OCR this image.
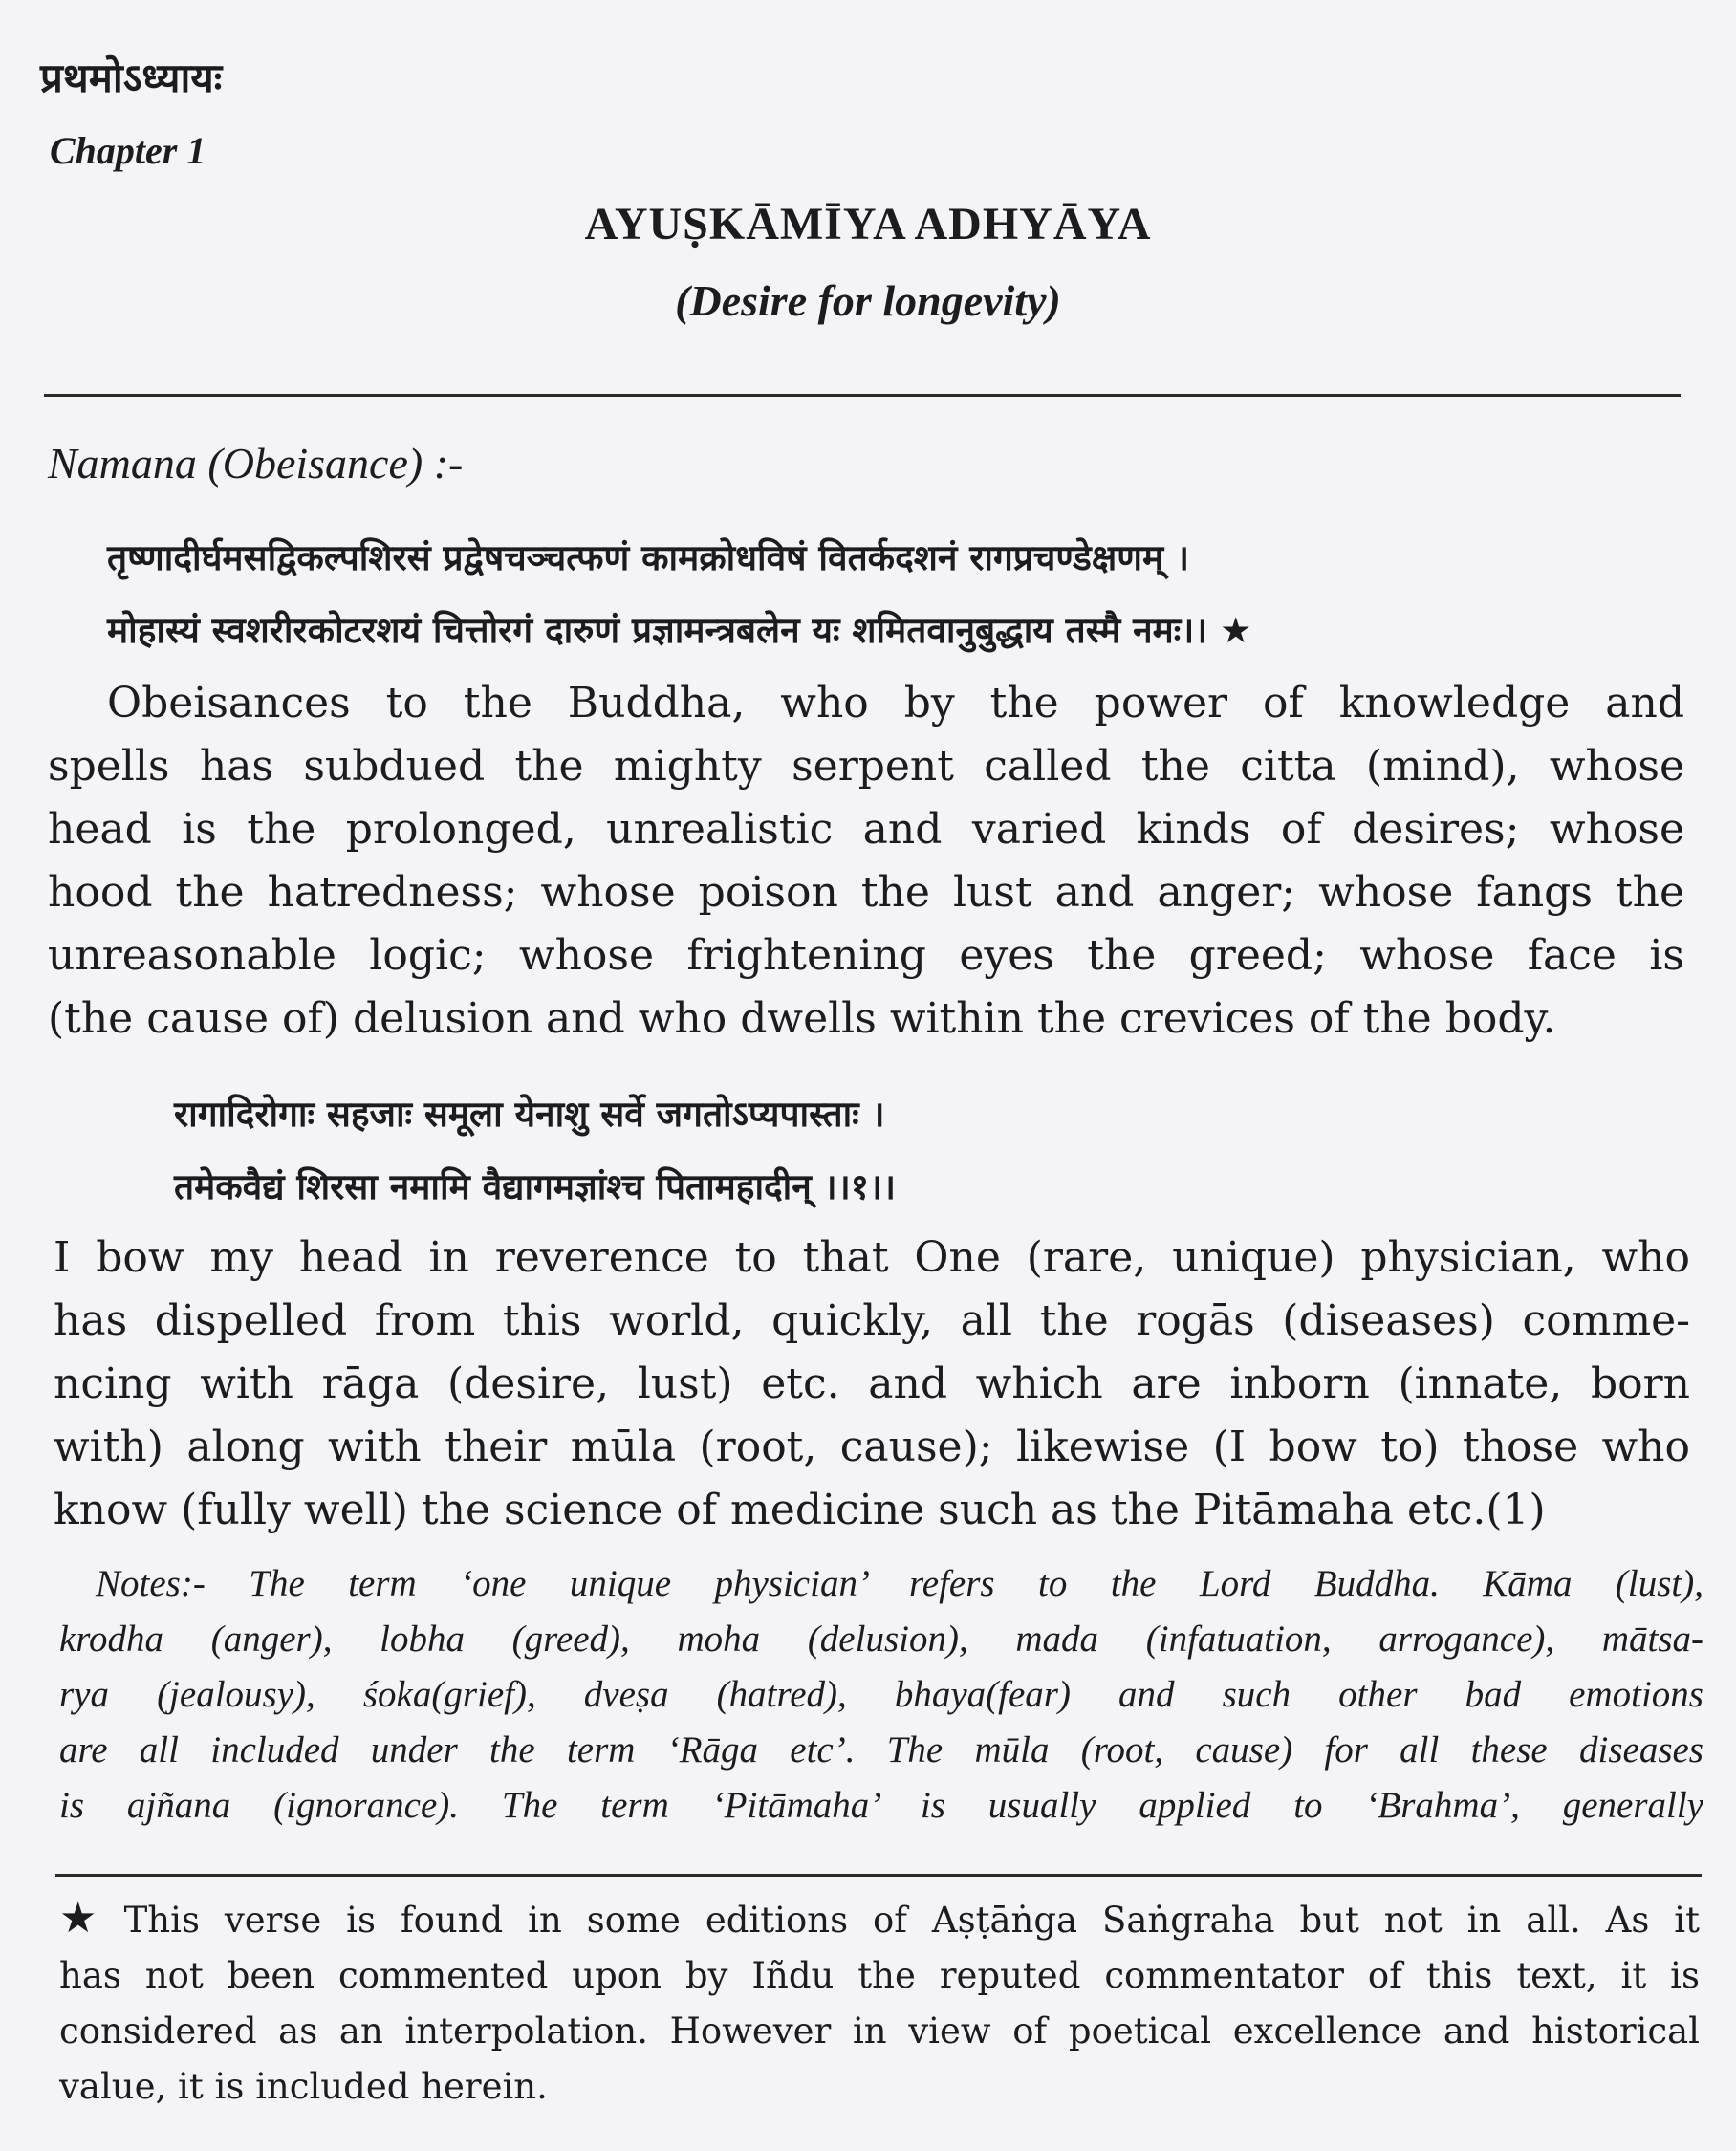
प्रथमोऽध्यायः
Chapter 1
AYUṢKĀMĪYA ADHYĀYA
(Desire for longevity)
Namana (Obeisance) :-
तृष्णादीर्घमसद्विकल्पशिरसं प्रद्वेषचञ्चत्फणं कामक्रोधविषं वितर्कदशनं रागप्रचण्डेक्षणम् ।
मोहास्यं स्वशरीरकोटरशयं चित्तोरगं दारुणं प्रज्ञामन्त्रबलेन यः शमितवानुबुद्धाय तस्मै नमः।। ★
Obeisances to the Buddha, who by the power of knowledge and
spells has subdued the mighty serpent called the citta (mind), whose
head is the prolonged, unrealistic and varied kinds of desires; whose
hood the hatredness; whose poison the lust and anger; whose fangs the
unreasonable logic; whose frightening eyes the greed; whose face is
(the cause of) delusion and who dwells within the crevices of the body.
रागादिरोगाः सहजाः समूला येनाशु सर्वे जगतोऽप्यपास्ताः ।
तमेकवैद्यं शिरसा नमामि वैद्यागमज्ञांश्च पितामहादीन् ।।१।।
I bow my head in reverence to that One (rare, unique) physician, who
has dispelled from this world, quickly, all the rogās (diseases) comme-
ncing with rāga (desire, lust) etc. and which are inborn (innate, born
with) along with their mūla (root, cause); likewise (I bow to) those who
know (fully well) the science of medicine such as the Pitāmaha etc.(1)
Notes:- The term ‘one unique physician’ refers to the Lord Buddha. Kāma (lust),
krodha (anger), lobha (greed), moha (delusion), mada (infatuation, arrogance), mātsa-
rya (jealousy), śoka(grief), dveṣa (hatred), bhaya(fear) and such other bad emotions
are all included under the term ‘Rāga etc’. The mūla (root, cause) for all these diseases
is ajñana (ignorance). The term ‘Pitāmaha’ is usually applied to ‘Brahma’, generally
★ This verse is found in some editions of Aṣṭāṅga Saṅgraha but not in all. As it
has not been commented upon by Iñdu the reputed commentator of this text, it is
considered as an interpolation. However in view of poetical excellence and historical
value, it is included herein.
